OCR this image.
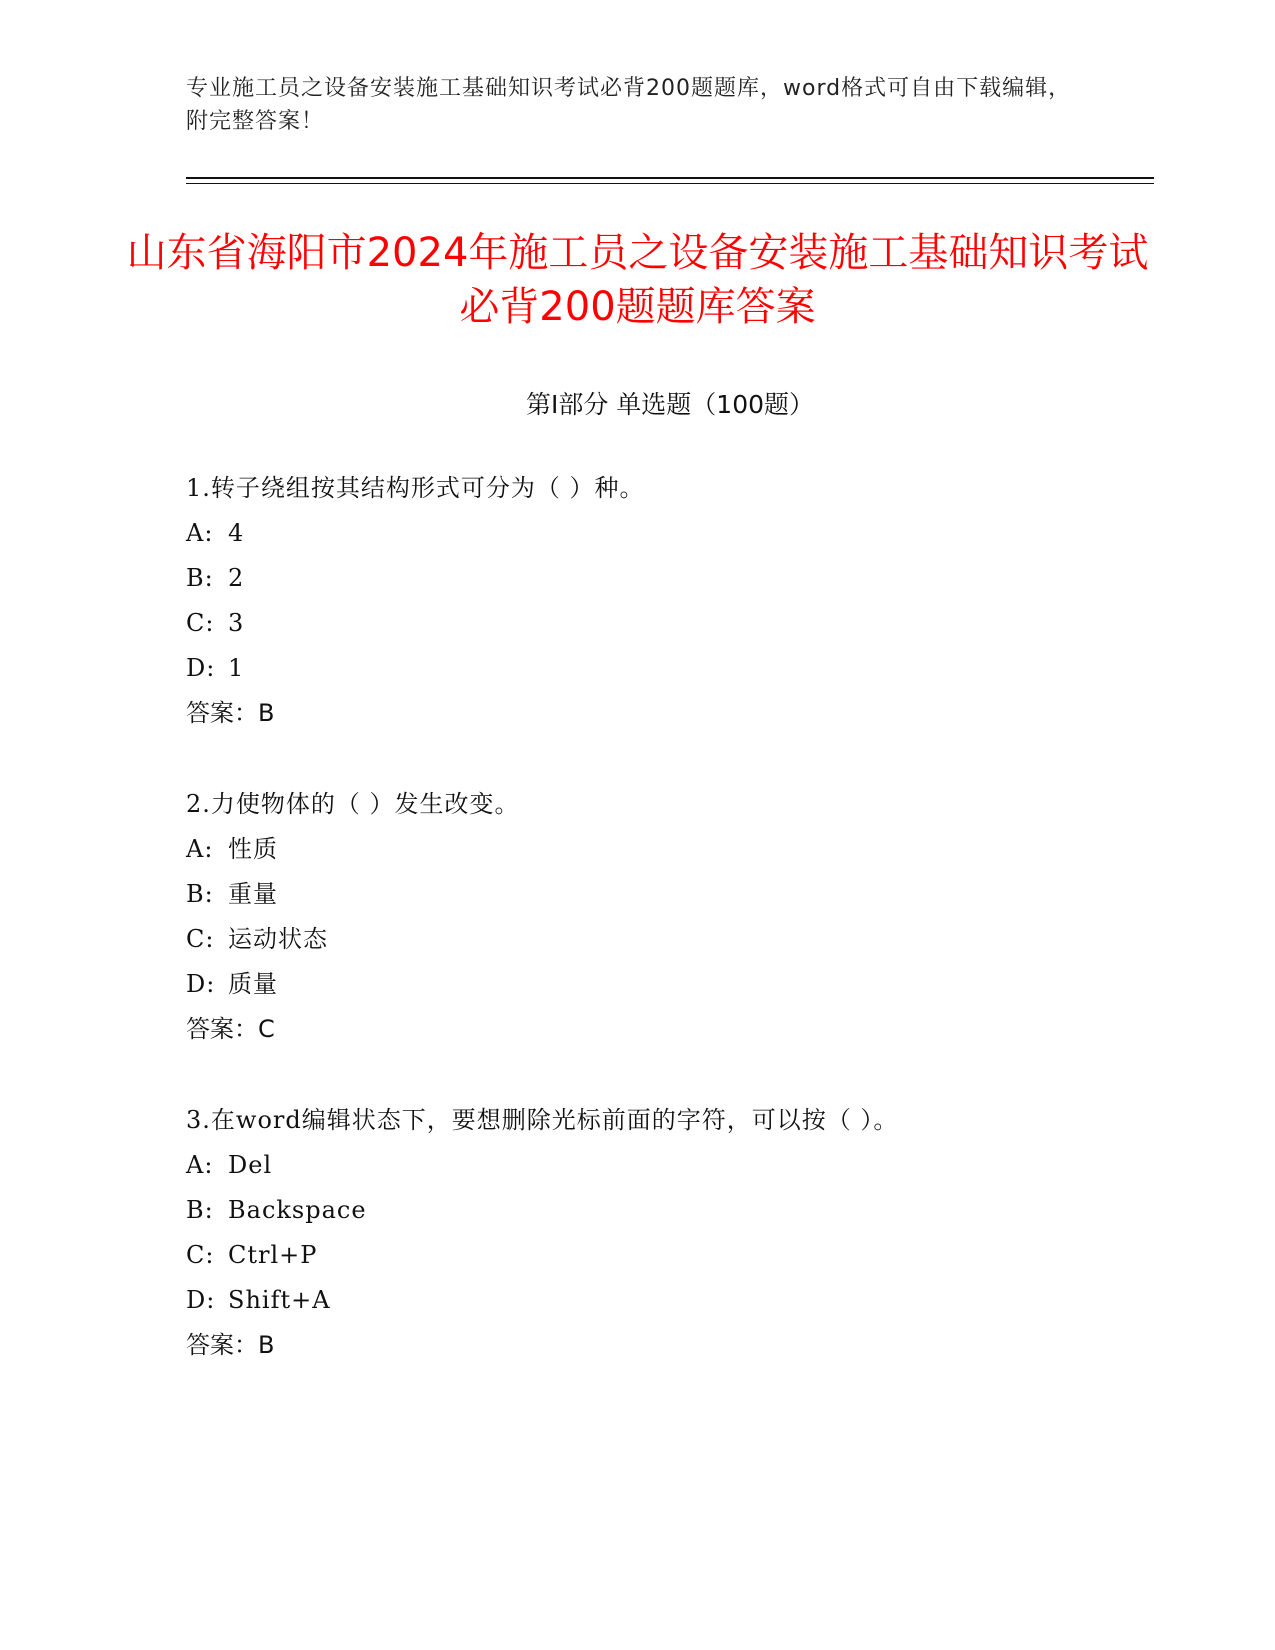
专业施工员之设备安装施工基础知识考试必背200题题库，word格式可自由下载编辑，附完整答案！
山东省海阳市2024年施工员之设备安装施工基础知识考试必背200题题库答案
第I部分 单选题（100题）
1.转子绕组按其结构形式可分为（ ）种。
A: 4
B: 2
C: 3
D: 1
答案：B
2.力使物体的（ ）发生改变。
A: 性质
B: 重量
C: 运动状态
D: 质量
答案：C
3.在word编辑状态下，要想删除光标前面的字符，可以按（ ）。
A: Del
B: Backspace
C: Ctrl+P
D: Shift+A
答案：B
